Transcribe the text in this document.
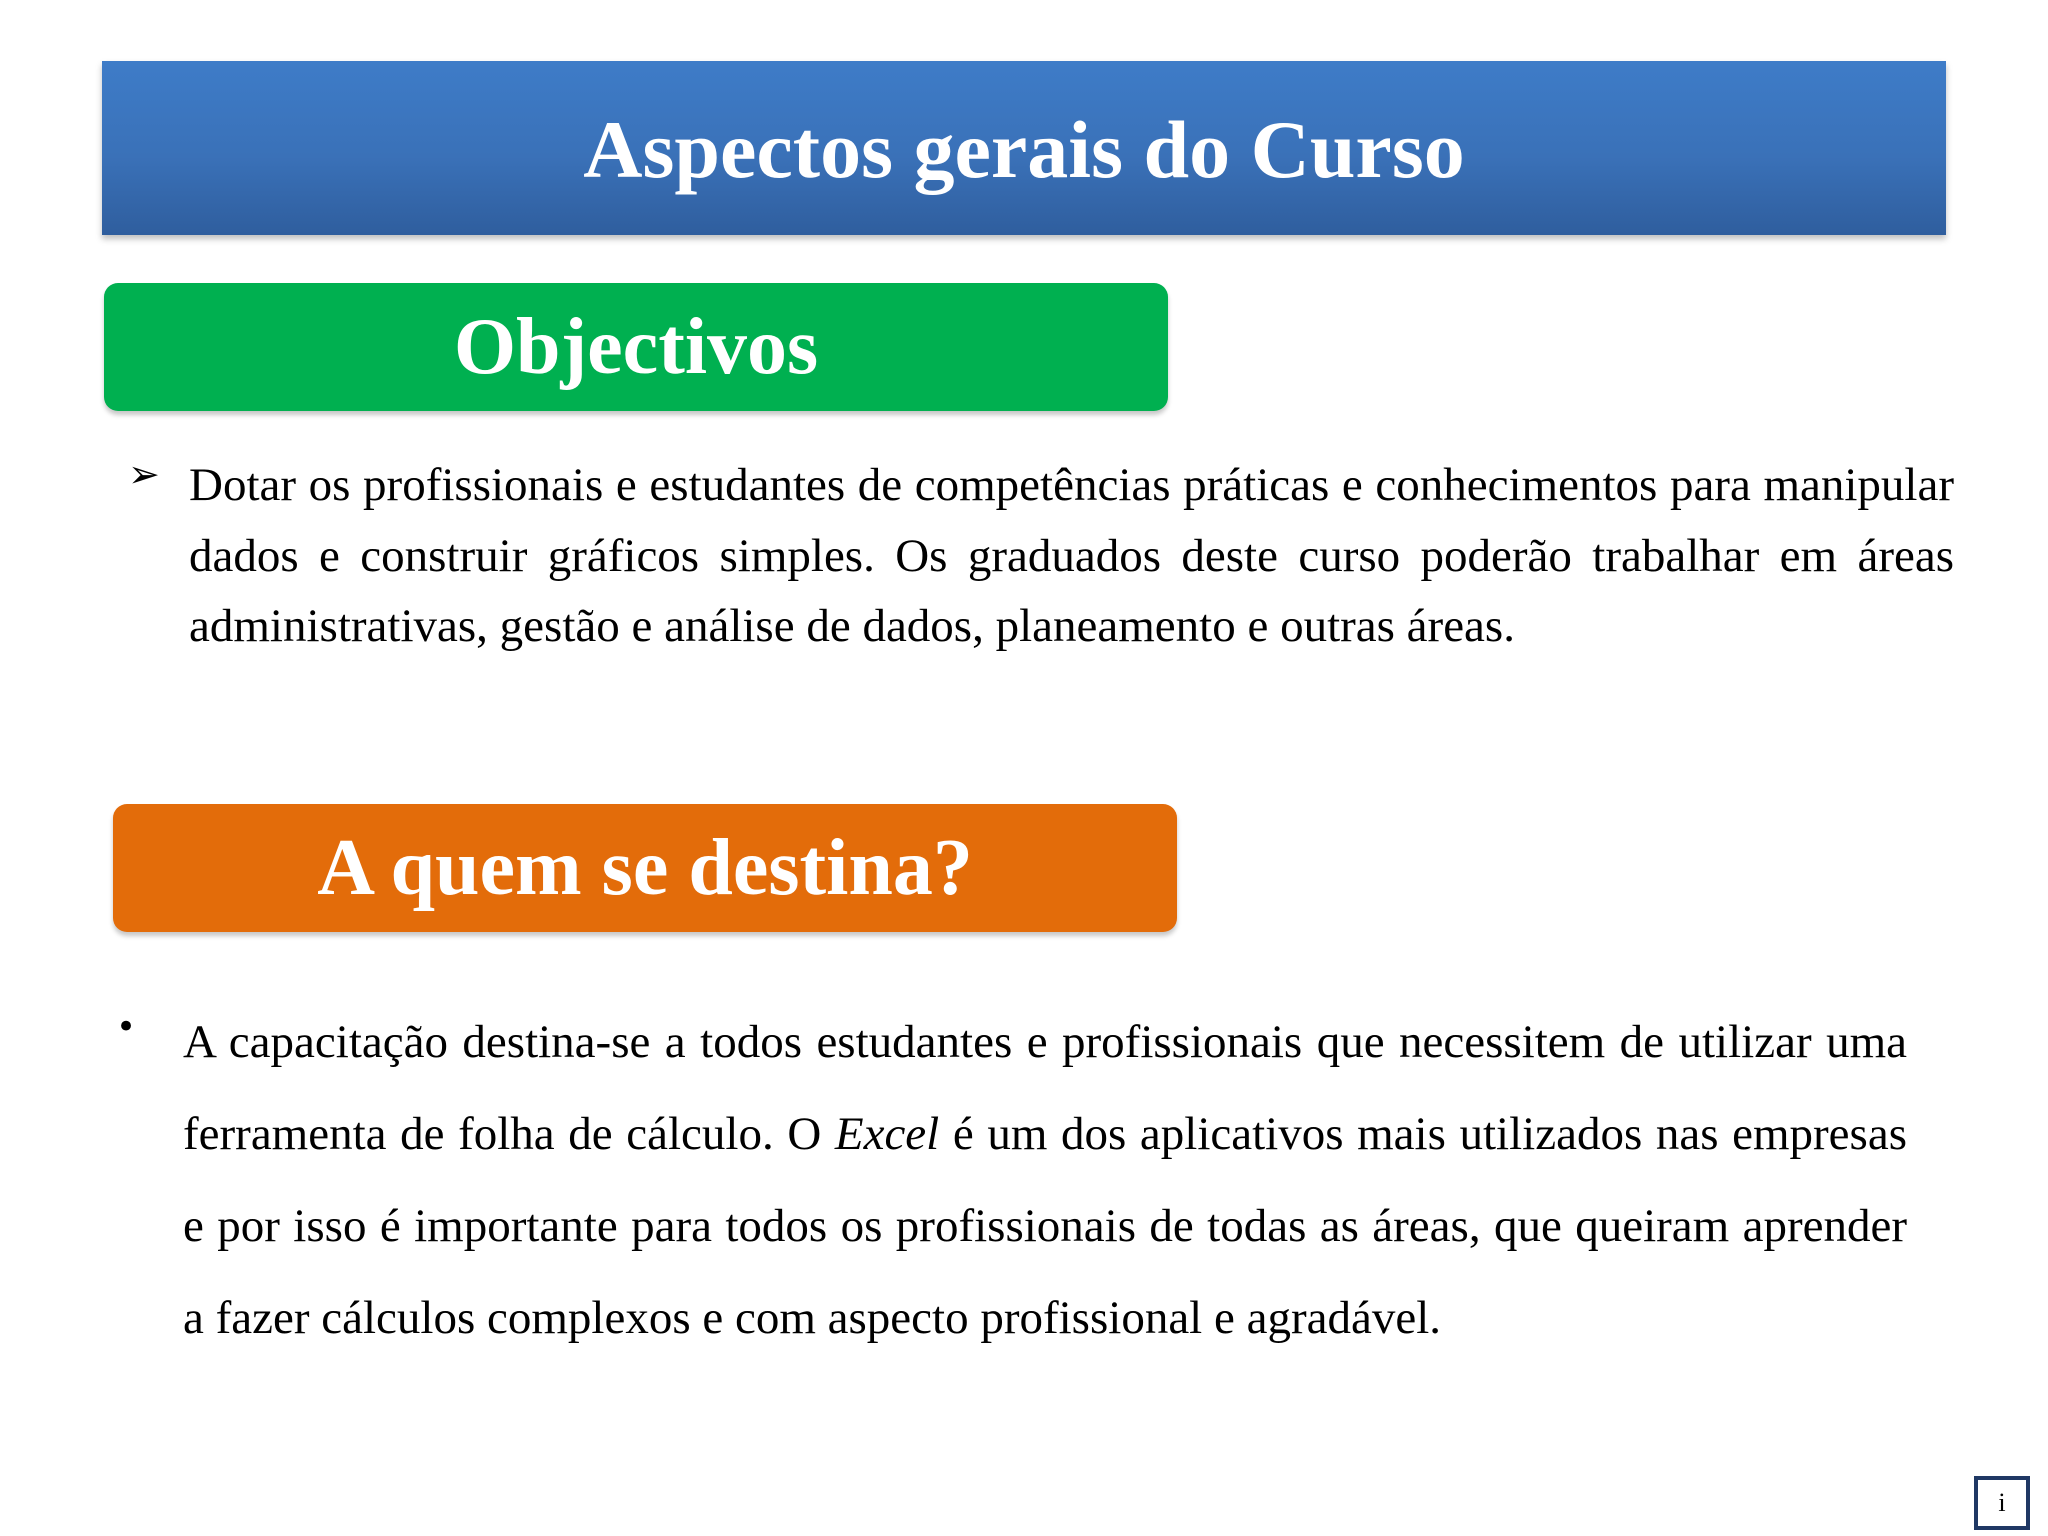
Aspectos gerais do Curso
Objectivos
➢ Dotar os profissionais e estudantes de competências práticas e conhecimentos para manipular dados e construir gráficos simples. Os graduados deste curso poderão trabalhar em áreas administrativas, gestão e análise de dados, planeamento e outras áreas.
A quem se destina?
• A capacitação destina-se a todos estudantes e profissionais que necessitem de utilizar uma ferramenta de folha de cálculo. O Excel é um dos aplicativos mais utilizados nas empresas e por isso é importante para todos os profissionais de todas as áreas, que queiram aprender a fazer cálculos complexos e com aspecto profissional e agradável.
i
